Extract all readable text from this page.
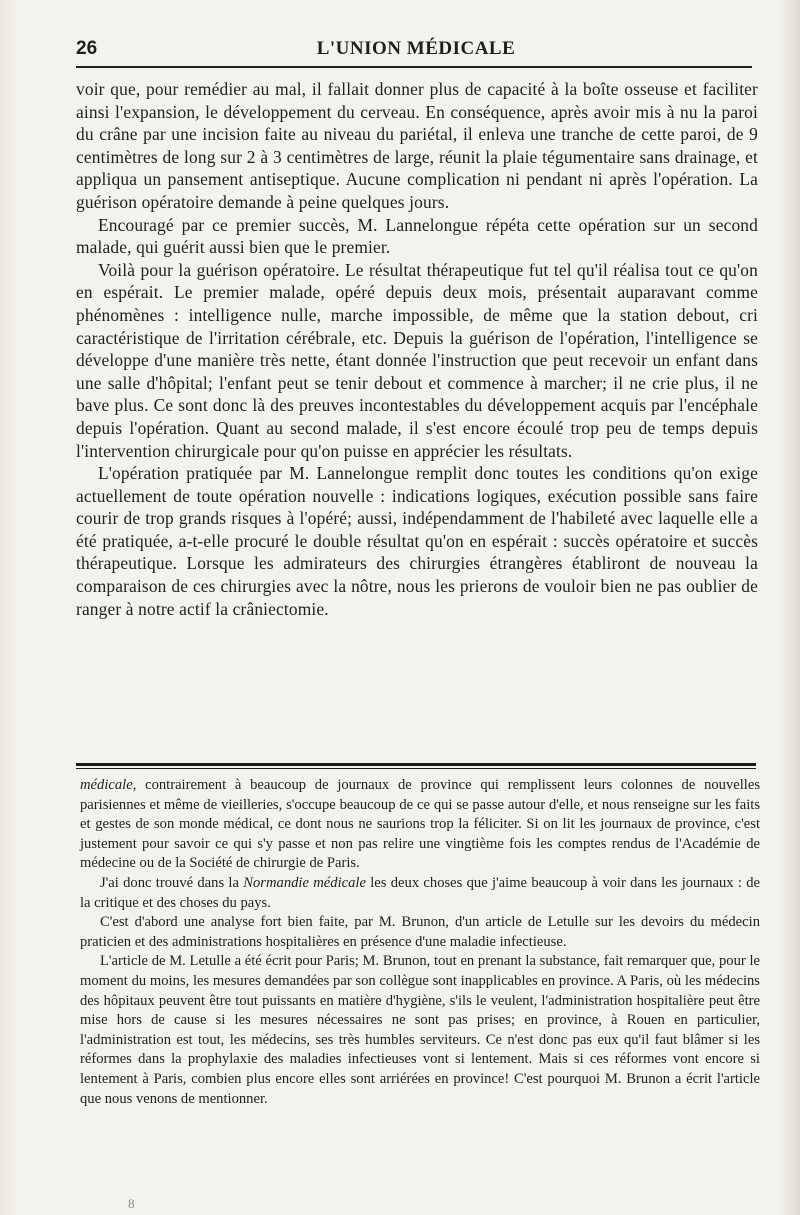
26	L'UNION MÉDICALE

voir que, pour remédier au mal, il fallait donner plus de capacité à la boîte osseuse et faciliter ainsi l'expansion, le développement du cerveau. En conséquence, après avoir mis à nu la paroi du crâne par une incision faite au niveau du pariétal, il enleva une tranche de cette paroi, de 9 centimètres de long sur 2 à 3 centimètres de large, réunit la plaie tégumentaire sans drainage, et appliqua un pansement antiseptique. Aucune complication ni pendant ni après l'opération. La guérison opératoire demande à peine quelques jours.

Encouragé par ce premier succès, M. Lannelongue répéta cette opération sur un second malade, qui guérit aussi bien que le premier.

Voilà pour la guérison opératoire. Le résultat thérapeutique fut tel qu'il réalisa tout ce qu'on en espérait. Le premier malade, opéré depuis deux mois, présentait auparavant comme phénomènes : intelligence nulle, marche impossible, de même que la station debout, cri caractéristique de l'irritation cérébrale, etc. Depuis la guérison de l'opération, l'intelligence se développe d'une manière très nette, étant donnée l'instruction que peut recevoir un enfant dans une salle d'hôpital; l'enfant peut se tenir debout et commence à marcher; il ne crie plus, il ne bave plus. Ce sont donc là des preuves incontestables du développement acquis par l'encéphale depuis l'opération. Quant au second malade, il s'est encore écoulé trop peu de temps depuis l'intervention chirurgicale pour qu'on puisse en apprécier les résultats.

L'opération pratiquée par M. Lannelongue remplit donc toutes les conditions qu'on exige actuellement de toute opération nouvelle : indications logiques, exécution possible sans faire courir de trop grands risques à l'opéré; aussi, indépendamment de l'habileté avec laquelle elle a été pratiquée, a-t-elle procuré le double résultat qu'on en espérait : succès opératoire et succès thérapeutique. Lorsque les admirateurs des chirurgies étrangères établiront de nouveau la comparaison de ces chirurgies avec la nôtre, nous les prierons de vouloir bien ne pas oublier de ranger à notre actif la crâniectomie.

médicale, contrairement à beaucoup de journaux de province qui remplissent leurs colonnes de nouvelles parisiennes et même de vieilleries, s'occupe beaucoup de ce qui se passe autour d'elle, et nous renseigne sur les faits et gestes de son monde médical, ce dont nous ne saurions trop la féliciter. Si on lit les journaux de province, c'est justement pour savoir ce qui s'y passe et non pas relire une vingtième fois les comptes rendus de l'Académie de médecine ou de la Société de chirurgie de Paris.

J'ai donc trouvé dans la Normandie médicale les deux choses que j'aime beaucoup à voir dans les journaux : de la critique et des choses du pays.

C'est d'abord une analyse fort bien faite, par M. Brunon, d'un article de Letulle sur les devoirs du médecin praticien et des administrations hospitalières en présence d'une maladie infectieuse.

L'article de M. Letulle a été écrit pour Paris; M. Brunon, tout en prenant la substance, fait remarquer que, pour le moment du moins, les mesures demandées par son collègue sont inapplicables en province. A Paris, où les médecins des hôpitaux peuvent être tout puissants en matière d'hygiène, s'ils le veulent, l'administration hospitalière peut être mise hors de cause si les mesures nécessaires ne sont pas prises; en province, à Rouen en particulier, l'administration est tout, les médecins, ses très humbles serviteurs. Ce n'est donc pas eux qu'il faut blâmer si les réformes dans la prophylaxie des maladies infectieuses vont si lentement. Mais si ces réformes vont encore si lentement à Paris, combien plus encore elles sont arriérées en province! C'est pourquoi M. Brunon a écrit l'article que nous venons de mentionner.

8
